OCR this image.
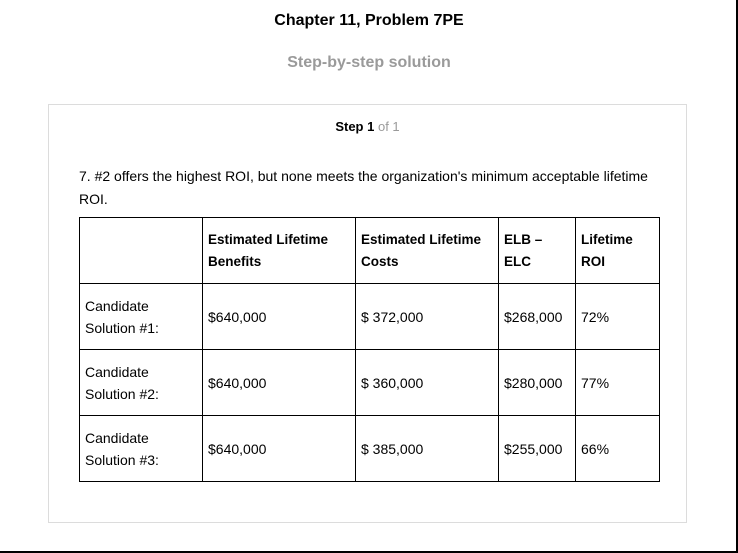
Chapter 11, Problem 7PE
Step-by-step solution
Step 1 of 1
7. #2 offers the highest ROI, but none meets the organization's minimum acceptable lifetime ROI.
	Estimated Lifetime Benefits	Estimated Lifetime Costs	ELB – ELC	Lifetime ROI
Candidate Solution #1:	$640,000	$ 372,000	$268,000	72%
Candidate Solution #2:	$640,000	$ 360,000	$280,000	77%
Candidate Solution #3:	$640,000	$ 385,000	$255,000	66%
